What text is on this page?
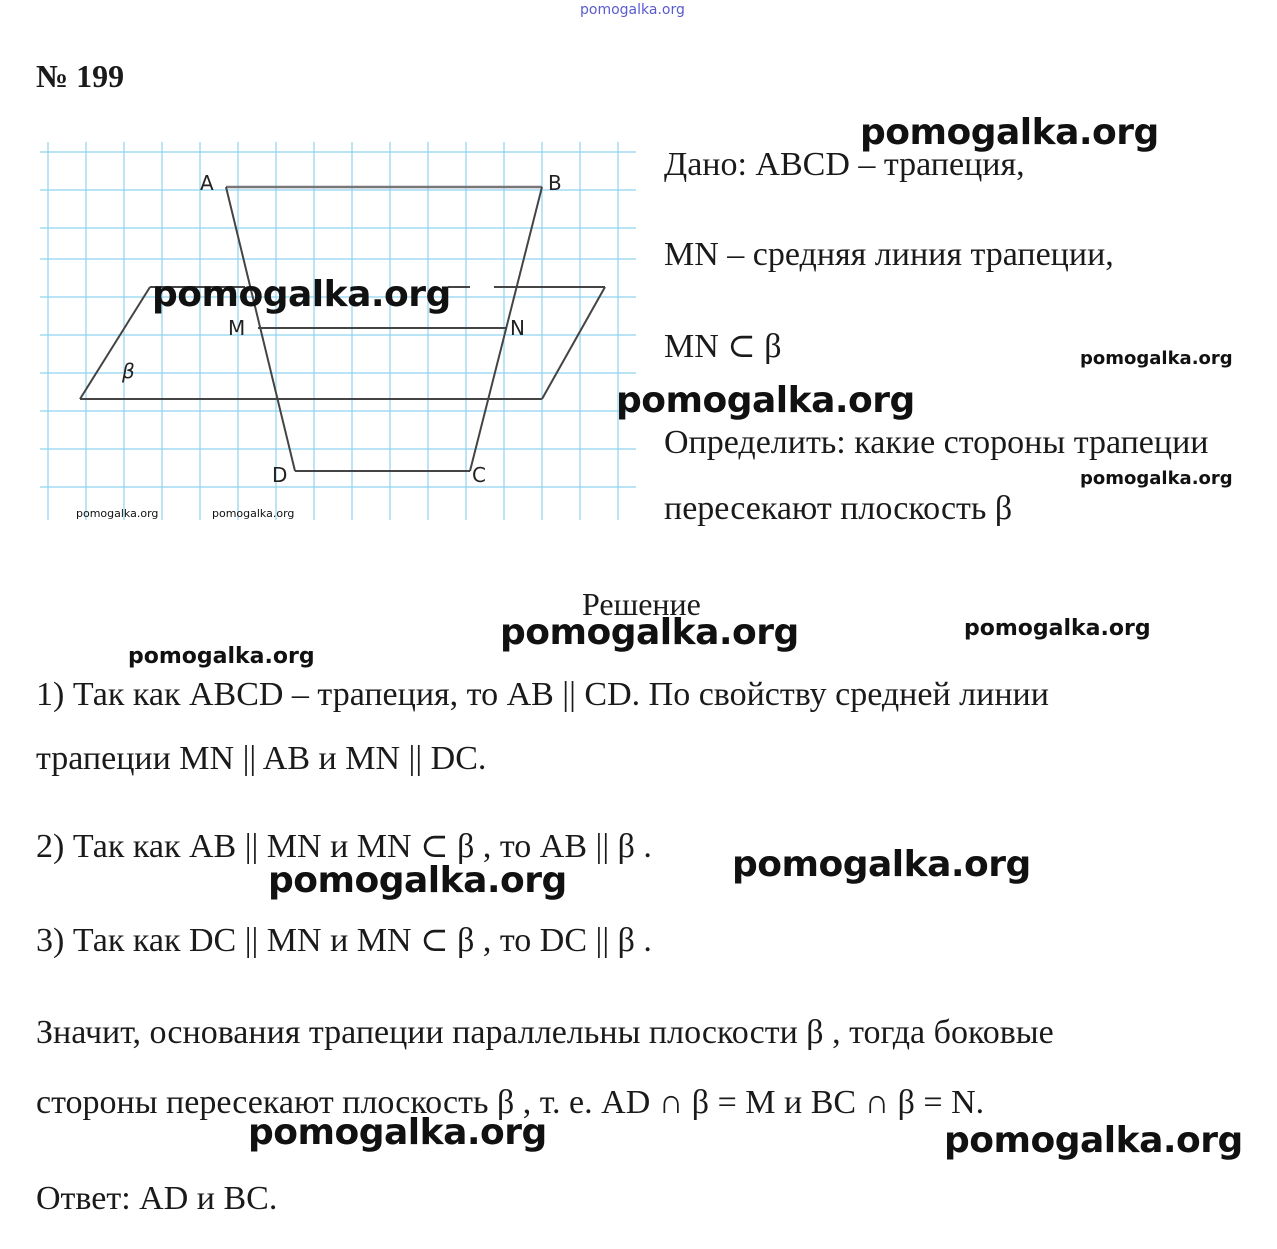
pomogalka.org
№ 199
A	B
M	N
D	C
β
Дано: ABCD – трапеция,
MN – средняя линия трапеции,
MN ⊂ β
Определить: какие стороны трапеции
пересекают плоскость β
Решение
1) Так как ABCD – трапеция, то AB || CD. По свойству средней линии
трапеции MN || AB и MN || DC.
2) Так как AB || MN и MN ⊂ β , то AB || β .
3) Так как DC || MN и MN ⊂ β , то DC || β .
Значит, основания трапеции параллельны плоскости β , тогда боковые
стороны пересекают плоскость β , т. е. AD ∩ β = M и BC ∩ β = N.
Ответ: AD и BC.
pomogalka.org
pomogalka.org
pomogalka.org
pomogalka.org
pomogalka.org
pomogalka.org	pomogalka.org
pomogalka.org	pomogalka.org
pomogalka.org
pomogalka.org
pomogalka.org
pomogalka.org	pomogalka.org
